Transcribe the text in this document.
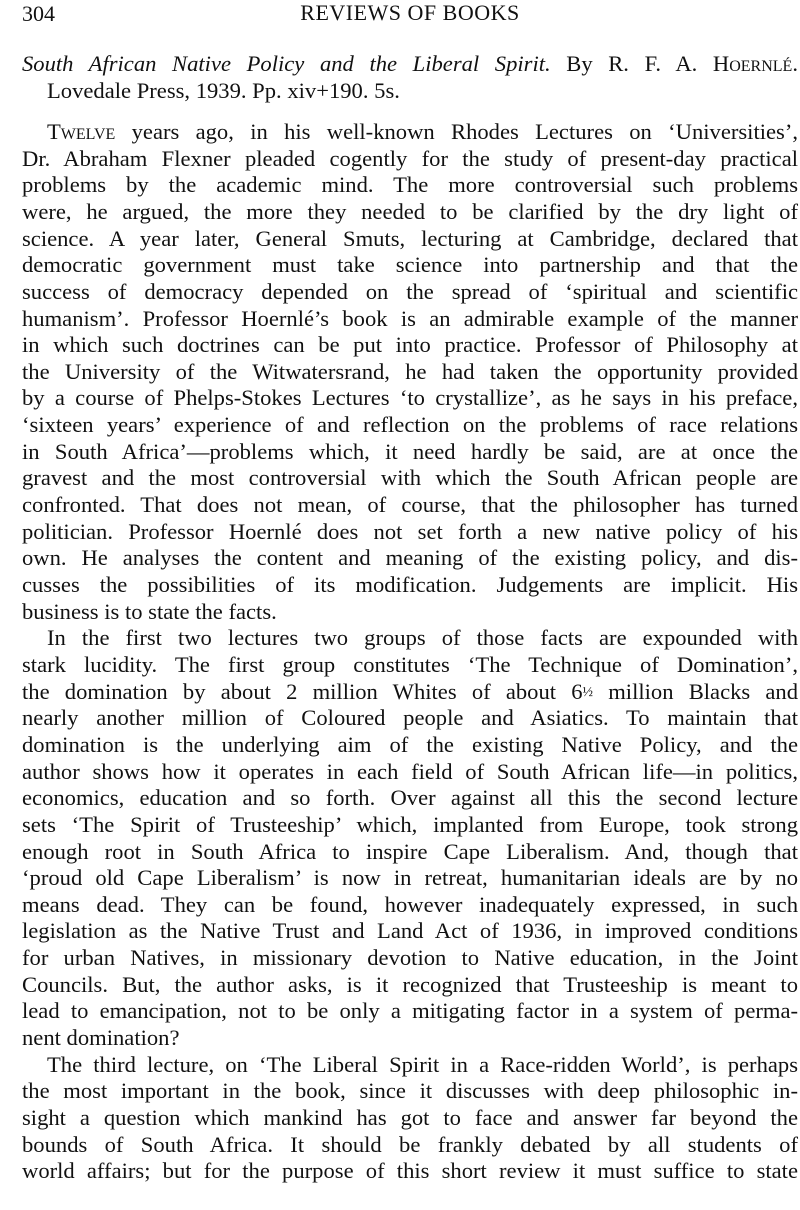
304	REVIEWS OF BOOKS
South African Native Policy and the Liberal Spirit. By R. F. A. Hoernlé.
Lovedale Press, 1939. Pp. xiv+190. 5s.
Twelve years ago, in his well-known Rhodes Lectures on ‘Universities’,
Dr. Abraham Flexner pleaded cogently for the study of present-day practical
problems by the academic mind. The more controversial such problems
were, he argued, the more they needed to be clarified by the dry light of
science. A year later, General Smuts, lecturing at Cambridge, declared that
democratic government must take science into partnership and that the
success of democracy depended on the spread of ‘spiritual and scientific
humanism’. Professor Hoernlé’s book is an admirable example of the manner
in which such doctrines can be put into practice. Professor of Philosophy at
the University of the Witwatersrand, he had taken the opportunity provided
by a course of Phelps-Stokes Lectures ‘to crystallize’, as he says in his preface,
‘sixteen years’ experience of and reflection on the problems of race relations
in South Africa’—problems which, it need hardly be said, are at once the
gravest and the most controversial with which the South African people are
confronted. That does not mean, of course, that the philosopher has turned
politician. Professor Hoernlé does not set forth a new native policy of his
own. He analyses the content and meaning of the existing policy, and dis-
cusses the possibilities of its modification. Judgements are implicit. His
business is to state the facts.
In the first two lectures two groups of those facts are expounded with
stark lucidity. The first group constitutes ‘The Technique of Domination’,
the domination by about 2 million Whites of about 6½ million Blacks and
nearly another million of Coloured people and Asiatics. To maintain that
domination is the underlying aim of the existing Native Policy, and the
author shows how it operates in each field of South African life—in politics,
economics, education and so forth. Over against all this the second lecture
sets ‘The Spirit of Trusteeship’ which, implanted from Europe, took strong
enough root in South Africa to inspire Cape Liberalism. And, though that
‘proud old Cape Liberalism’ is now in retreat, humanitarian ideals are by no
means dead. They can be found, however inadequately expressed, in such
legislation as the Native Trust and Land Act of 1936, in improved conditions
for urban Natives, in missionary devotion to Native education, in the Joint
Councils. But, the author asks, is it recognized that Trusteeship is meant to
lead to emancipation, not to be only a mitigating factor in a system of perma-
nent domination?
The third lecture, on ‘The Liberal Spirit in a Race-ridden World’, is perhaps
the most important in the book, since it discusses with deep philosophic in-
sight a question which mankind has got to face and answer far beyond the
bounds of South Africa. It should be frankly debated by all students of
world affairs; but for the purpose of this short review it must suffice to state
